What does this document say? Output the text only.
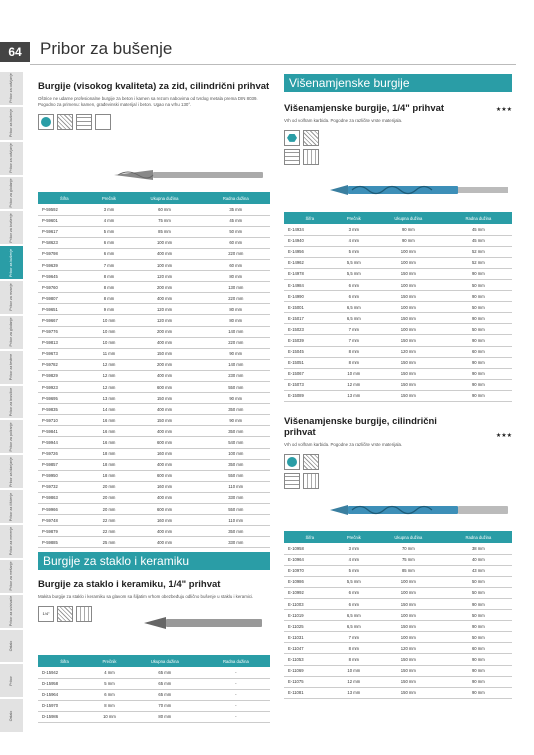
64	Pribor za bušenje
Pribor za odvijanje
Pribor za bušenje
Pribor za odvijanje
Pribor za glodanje
Pribor za brušenje
Pribor za bušenje
Pribor za rezanje
Pribor za glodanje
Pribor za testere
Pribor za brusilice
Pribor za poliranje
Pribor za blanjanje
Pribor za čišćenje
Pribor za merenje
Pribor za mešanje
Pribor za usisivače
Ostalo
Pribor
Ostalo
Burgije (visokog kvaliteta) za zid, cilindrični prihvat
Oštrice ne udarne profesionalne burgije za beton i kamen sa rezom nabovima od tvrdog metala prema DIN 8039. Pogodno za primenu: kamen, građevinski materijal i beton. Ugao na vrhu 130°.
Šifra	Prečnik	Ukupna dužina	Radna dužina
P-59592	3 mm	60 mm	35 mm
P-59601	4 mm	75 mm	45 mm
P-59617	5 mm	85 mm	50 mm
P-58623	6 mm	100 mm	60 mm
P-59798	6 mm	400 mm	220 mm
P-59639	7 mm	100 mm	60 mm
P-59645	8 mm	120 mm	80 mm
P-59760	8 mm	200 mm	130 mm
P-59807	8 mm	400 mm	220 mm
P-59651	9 mm	120 mm	80 mm
P-59667	10 mm	120 mm	80 mm
P-59776	10 mm	200 mm	140 mm
P-59813	10 mm	400 mm	220 mm
P-59673	11 mm	150 mm	90 mm
P-59782	12 mm	200 mm	140 mm
P-59829	12 mm	400 mm	230 mm
P-59923	12 mm	600 mm	550 mm
P-59695	13 mm	150 mm	90 mm
P-59835	14 mm	400 mm	350 mm
P-59710	16 mm	150 mm	90 mm
P-59841	16 mm	400 mm	350 mm
P-59944	16 mm	600 mm	540 mm
P-59726	18 mm	160 mm	100 mm
P-59857	18 mm	400 mm	350 mm
P-59950	18 mm	600 mm	550 mm
P-59732	20 mm	160 mm	110 mm
P-59863	20 mm	400 mm	330 mm
P-59966	20 mm	600 mm	550 mm
P-59748	22 mm	160 mm	110 mm
P-59879	22 mm	400 mm	350 mm
P-59885	25 mm	400 mm	330 mm
Burgije za staklo i keramiku
Burgije za staklo i keramiku, 1/4" prihvat
Makita burgije za staklo i keramiku sa glavom sa šiljatim vrhom obezbeđuju odlično bušenje u staklu i keramici.
1/4"
Šifra	Prečnik	Ukupna dužina	Radna dužina
D-15942	4 mm	65 mm	-
D-15958	5 mm	65 mm	-
D-15964	6 mm	65 mm	-
D-15970	8 mm	70 mm	-
D-15986	10 mm	80 mm	-
Višenamjenske burgije
Višenamjenske burgije, 1/4" prihvat	★★★
Vrh od volfram karbida. Pogodne za različite vrste materijala.
Šifra	Prečnik	Ukupna dužina	Radna dužina
E-14934	3 mm	90 mm	45 mm
E-14940	4 mm	90 mm	45 mm
E-14956	5 mm	100 mm	52 mm
E-14962	5,5 mm	100 mm	52 mm
E-14978	5,5 mm	150 mm	90 mm
E-14984	6 mm	100 mm	50 mm
E-14990	6 mm	150 mm	90 mm
E-15001	6,5 mm	100 mm	50 mm
E-15017	6,5 mm	150 mm	90 mm
E-15023	7 mm	100 mm	50 mm
E-15039	7 mm	150 mm	90 mm
E-15045	8 mm	120 mm	60 mm
E-15051	8 mm	150 mm	90 mm
E-15067	10 mm	150 mm	90 mm
E-15073	12 mm	150 mm	90 mm
E-15089	13 mm	150 mm	90 mm
Višenamjenske burgije, cilindrični prihvat	★★★
Vrh od volfram karbida. Pogodne za različite vrste materijala.
Šifra	Prečnik	Ukupna dužina	Radna dužina
E-10958	3 mm	70 mm	38 mm
E-10964	4 mm	75 mm	40 mm
E-10970	5 mm	85 mm	43 mm
E-10986	5,5 mm	100 mm	50 mm
E-10992	6 mm	100 mm	50 mm
E-11003	6 mm	150 mm	90 mm
E-11019	6,5 mm	100 mm	50 mm
E-11025	6,5 mm	150 mm	90 mm
E-11031	7 mm	100 mm	50 mm
E-11047	8 mm	120 mm	60 mm
E-11053	8 mm	150 mm	90 mm
E-11069	10 mm	150 mm	90 mm
E-11075	12 mm	150 mm	90 mm
E-11081	13 mm	150 mm	90 mm
